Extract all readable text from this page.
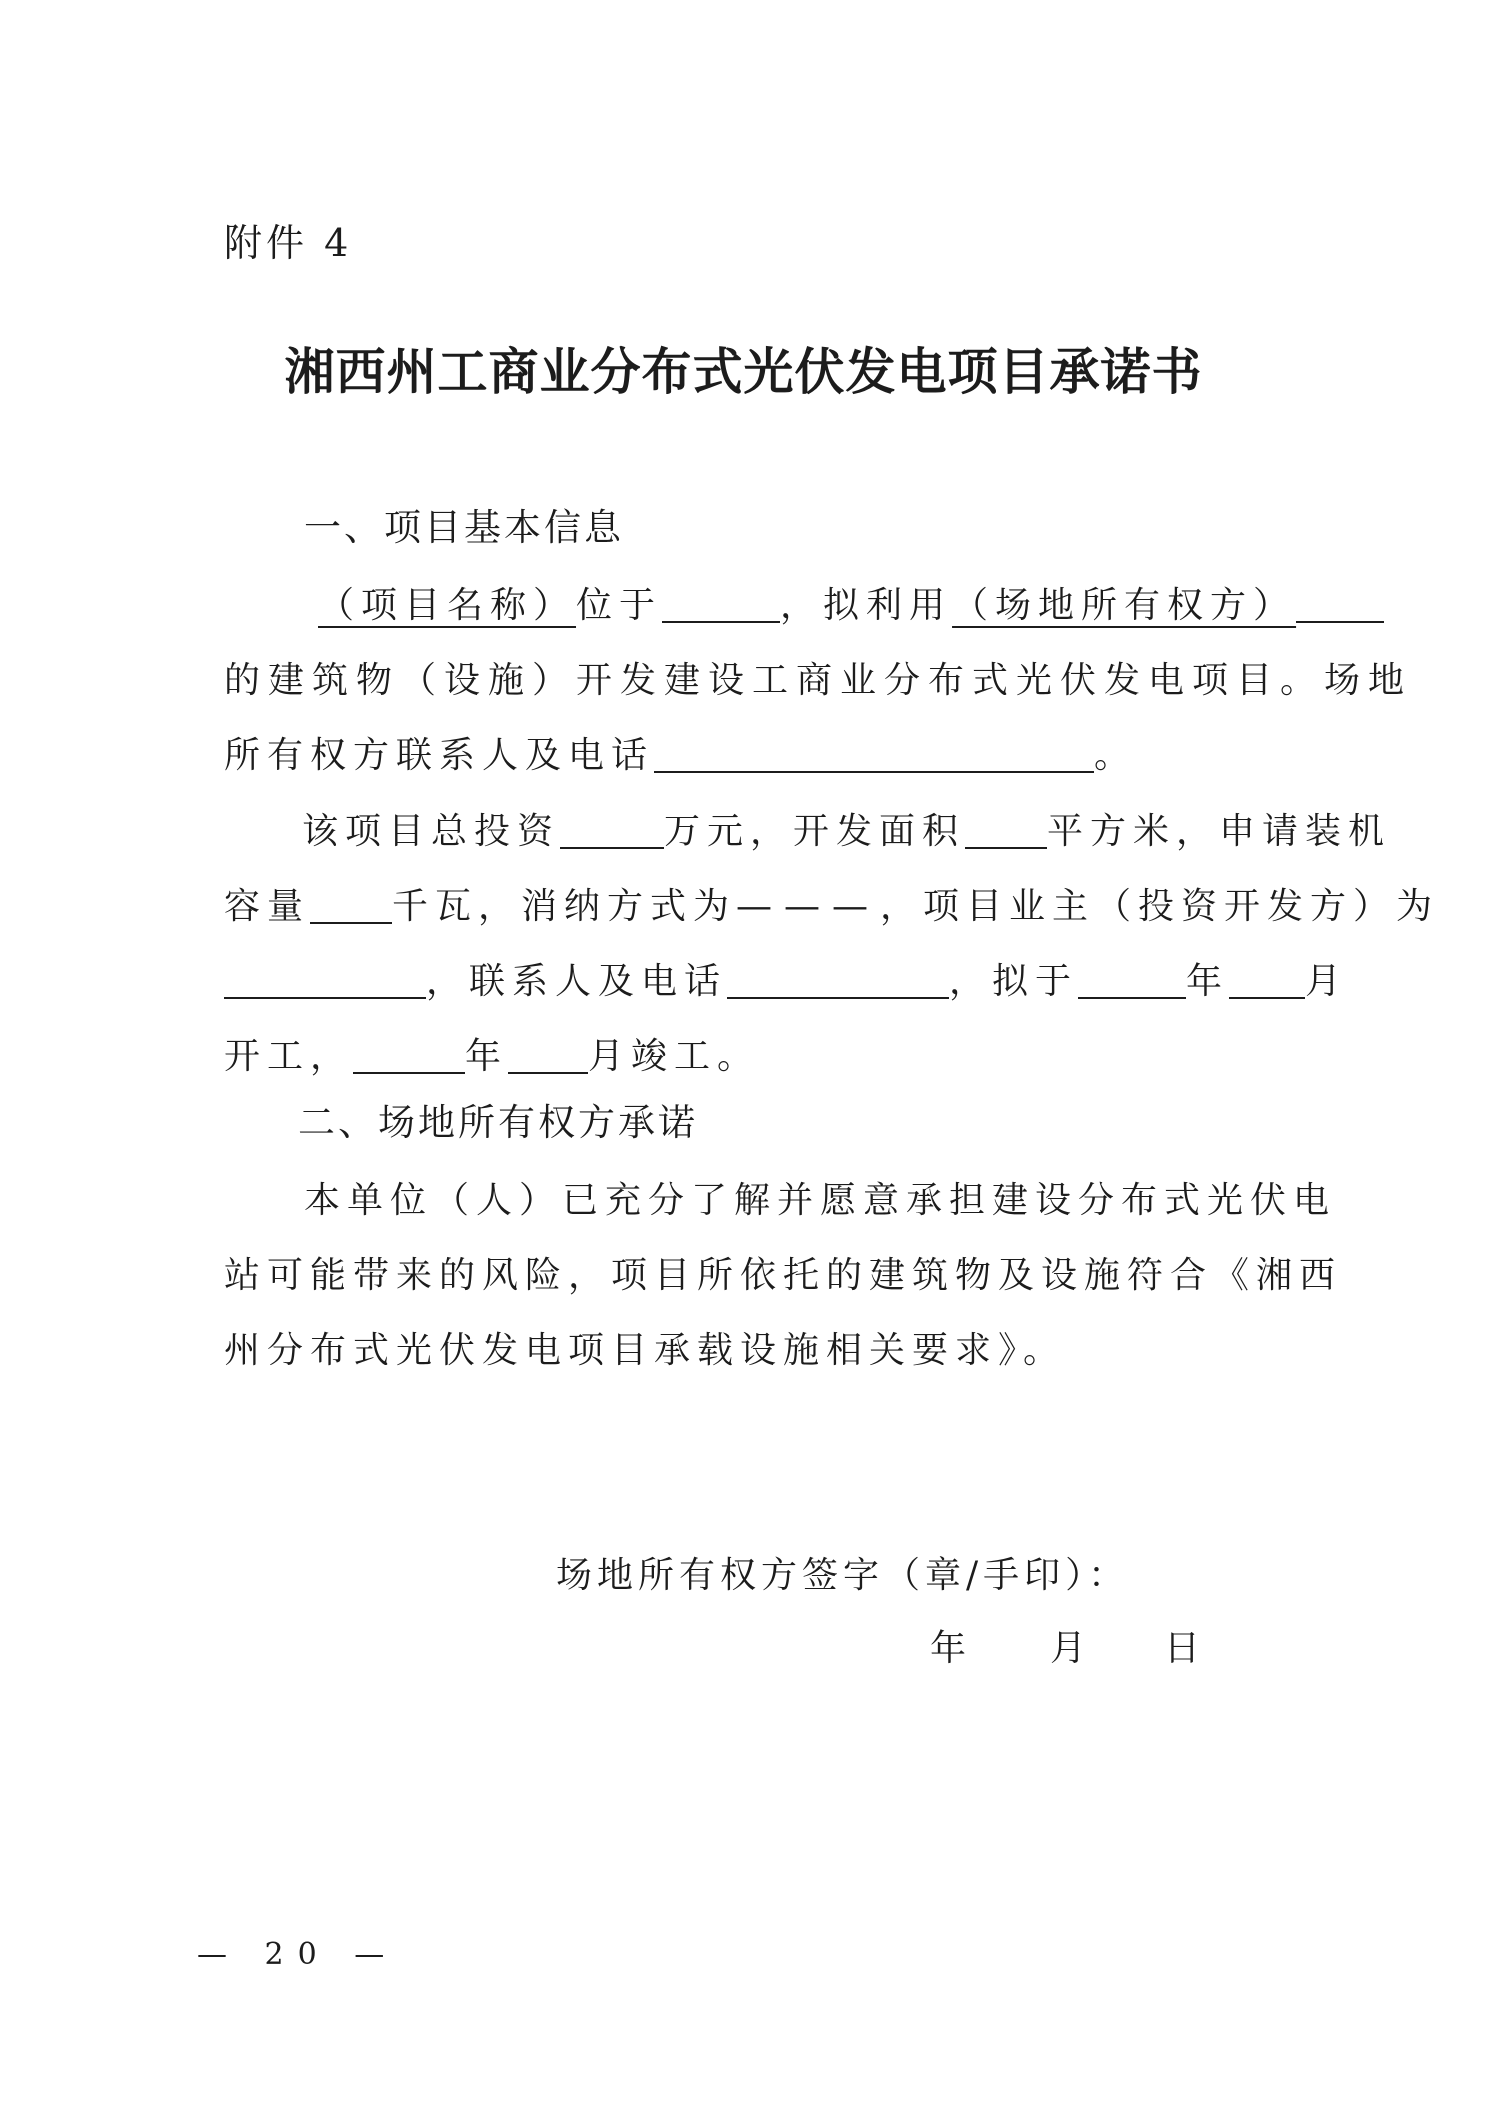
附件 4
湘西州工商业分布式光伏发电项目承诺书
一、项目基本信息
（项目名称）位于	，拟利用（场地所有权方）
的建筑物（设施）开发建设工商业分布式光伏发电项目。场地
所有权方联系人及电话	。
该项目总投资	万元，开发面积 平方米，申请装机
容量 千瓦，消纳方式为———，项目业主（投资开发方）为
，联系人及电话	，拟于	年 月
开工，	年 月竣工。
二、场地所有权方承诺
本单位（人）已充分了解并愿意承担建设分布式光伏电
站可能带来的风险，项目所依托的建筑物及设施符合《湘西
州分布式光伏发电项目承载设施相关要求》。
场地所有权方签字（章/手印）：
年 月 日
— 20 —
